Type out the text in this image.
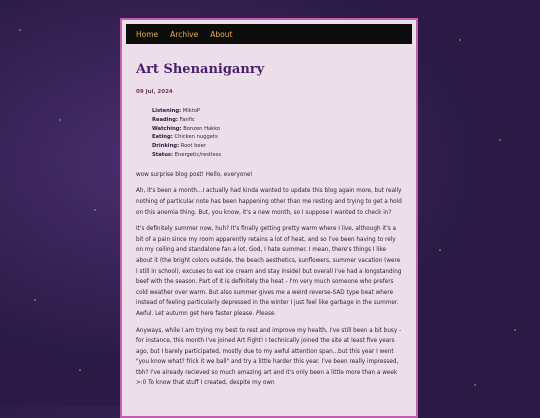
Home Archive About
Art Shenaniganry
09 Jul, 2024
Listening: MiktoP
Reading: Fanfic
Watching: Bonzen Hakko
Eating: Chicken nuggets
Drinking: Root beer
Status: Energetic/restless

wow surprise blog post! Hello, everyone!

Ah, it's been a month...I actually had kinda wanted to update this blog again more, but really nothing of particular note has been happening other than me resting and trying to get a hold on this anemia thing. But, you know, it's a new month, so I suppose I wanted to check in?

It's definitely summer now, huh? It's finally getting pretty warm where I live, although it's a bit of a pain since my room apparently retains a lot of heat, and so I've been having to rely on my ceiling and standalone fan a lot. God, I hate summer. I mean, there's things I like about it (the bright colors outside, the beach aesthetics, sunflowers, summer vacation (were I still in school), excuses to eat ice cream and stay inside) but overall I've had a longstanding beef with the season. Part of it is definitely the heat - I'm very much someone who prefers cold weather over warm. But also summer gives me a weird reverse-SAD type beat where instead of feeling particularly depressed in the winter I just feel like garbage in the summer. Awful. Let autumn get here faster please. Please.

Anyways, while I am trying my best to rest and improve my health, I've still been a bit busy - for instance, this month I've joined Art Fight! I technically joined the site at least five years ago, but I barely participated, mostly due to my awful attention span...but this year I went "you know what? frick it we ball" and try a little harder this year. I've been really impressed, tbh? I've already recieved so much amazing art and it's only been a little more than a week >:0 To know that stuff I created, despite my own
